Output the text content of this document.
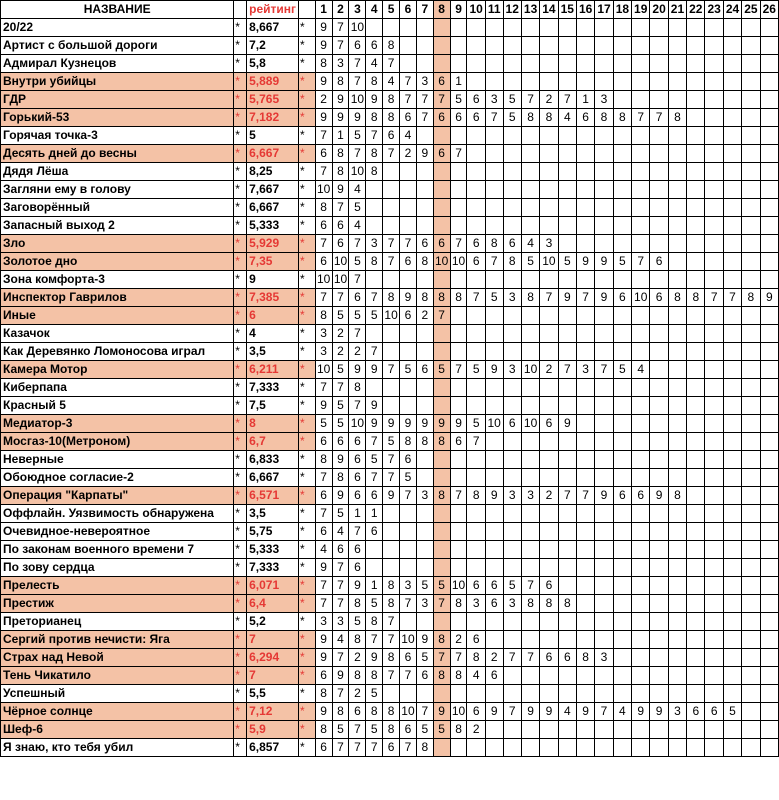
НАЗВАНИЕ		рейтинг		1	2	3	4	5	6	7	8	9	10	11	12	13	14	15	16	17	18	19	20	21	22	23	24	25	26
20/22	*	8,667	*	9	7	10																							
Артист с большой дороги	*	7,2	*	9	7	6	6	8																					
Адмирал Кузнецов	*	5,8	*	8	3	7	4	7																					
Внутри убийцы	*	5,889	*	9	8	7	8	4	7	3	6	1																	
ГДР	*	5,765	*	2	9	10	9	8	7	7	7	5	6	3	5	7	2	7	1	3									
Горький-53	*	7,182	*	9	9	9	8	8	6	7	6	6	6	7	5	8	8	4	6	8	8	7	7	8					
Горячая точка-3	*	5	*	7	1	5	7	6	4																				
Десять дней до весны	*	6,667	*	6	8	7	8	7	2	9	6	7																	
Дядя Лёша	*	8,25	*	7	8	10	8																						
Загляни ему в голову	*	7,667	*	10	9	4																							
Заговорённый	*	6,667	*	8	7	5																							
Запасный выход 2	*	5,333	*	6	6	4																							
Зло	*	5,929	*	7	6	7	3	7	7	6	6	7	6	8	6	4	3												
Золотое дно	*	7,35	*	6	10	5	8	7	6	8	10	10	6	7	8	5	10	5	9	9	5	7	6						
Зона комфорта-3	*	9	*	10	10	7																							
Инспектор Гаврилов	*	7,385	*	7	7	6	7	8	9	8	8	8	7	5	3	8	7	9	7	9	6	10	6	8	8	7	7	8	9
Иные	*	6	*	8	5	5	5	10	6	2	7																		
Казачок	*	4	*	3	2	7																							
Как Деревянко Ломоносова играл	*	3,5	*	3	2	2	7																						
Камера Мотор	*	6,211	*	10	5	9	9	7	5	6	5	7	5	9	3	10	2	7	3	7	5	4							
Киберпапа	*	7,333	*	7	7	8																							
Красный 5	*	7,5	*	9	5	7	9																						
Медиатор-3	*	8	*	5	5	10	9	9	9	9	9	9	5	10	6	10	6	9											
Мосгаз-10(Метроном)	*	6,7	*	6	6	6	7	5	8	8	8	6	7																
Неверные	*	6,833	*	8	9	6	5	7	6																				
Обоюдное согласие-2	*	6,667	*	7	8	6	7	7	5																				
Операция "Карпаты"	*	6,571	*	6	9	6	6	9	7	3	8	7	8	9	3	3	2	7	7	9	6	6	9	8					
Оффлайн. Уязвимость обнаружена	*	3,5	*	7	5	1	1																						
Очевидное-невероятное	*	5,75	*	6	4	7	6																						
По законам военного времени 7	*	5,333	*	4	6	6																							
По зову сердца	*	7,333	*	9	7	6																							
Прелесть	*	6,071	*	7	7	9	1	8	3	5	5	10	6	6	5	7	6												
Престиж	*	6,4	*	7	7	8	5	8	7	3	7	8	3	6	3	8	8	8											
Преторианец	*	5,2	*	3	3	5	8	7																					
Сергий против нечисти: Яга	*	7	*	9	4	8	7	7	10	9	8	2	6																
Страх над Невой	*	6,294	*	9	7	2	9	8	6	5	7	7	8	2	7	7	6	6	8	3									
Тень Чикатило	*	7	*	6	9	8	8	7	7	6	8	8	4	6															
Успешный	*	5,5	*	8	7	2	5																						
Чёрное солнце	*	7,12	*	9	8	6	8	8	10	7	9	10	6	9	7	9	9	4	9	7	4	9	9	3	6	6	5		
Шеф-6	*	5,9	*	8	5	7	5	8	6	5	5	8	2																
Я знаю, кто тебя убил	*	6,857	*	6	7	7	7	6	7	8																			
